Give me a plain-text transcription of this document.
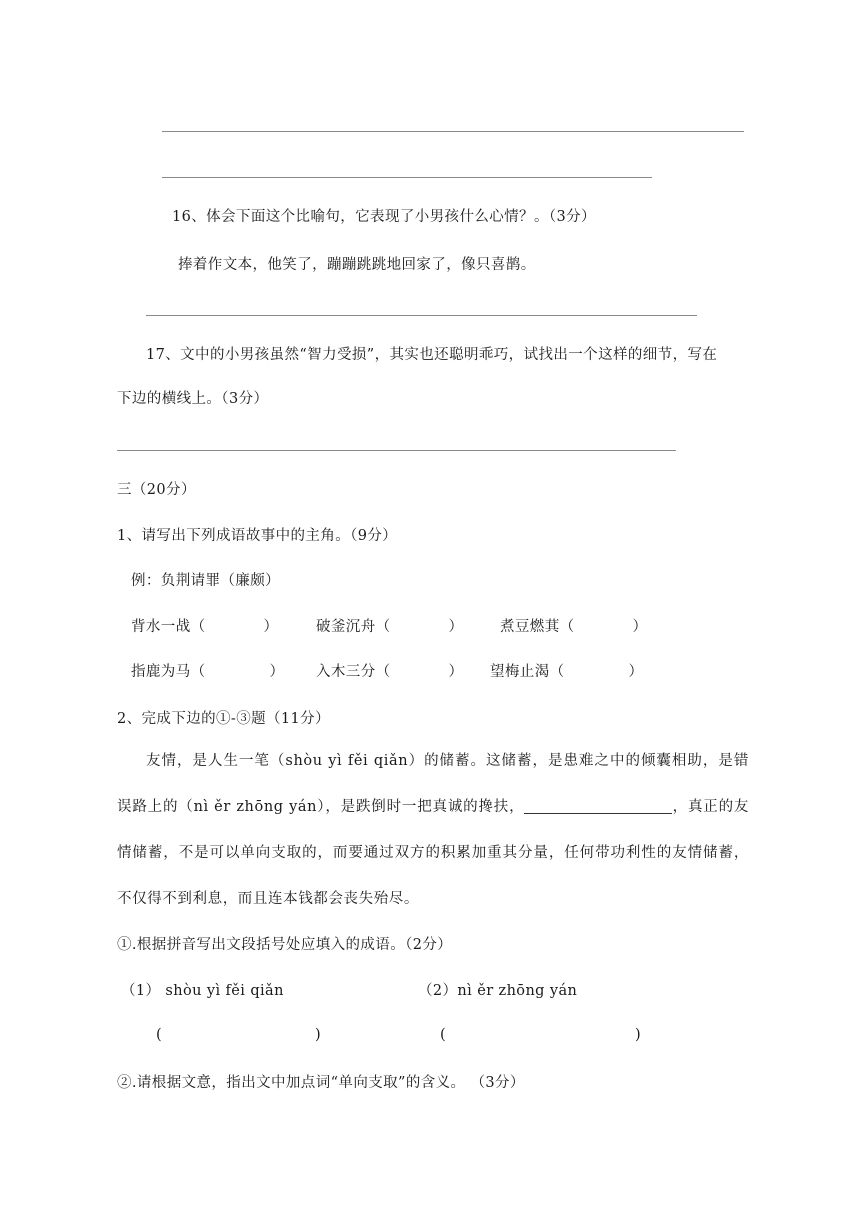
16、体会下面这个比喻句，它表现了小男孩什么心情？。（3分）
捧着作文本，他笑了，蹦蹦跳跳地回家了，像只喜鹊。
17、文中的小男孩虽然“智力受损”，其实也还聪明乖巧，试找出一个这样的细节，写在
下边的横线上。（3分）
三（20分）
1、请写出下列成语故事中的主角。（9分）
例：负荆请罪（廉颇）
背水一战（	）	破釜沉舟（	）	煮豆燃萁（	）
指鹿为马（	） 入木三分（	） 望梅止渴（	）
2、完成下边的①-③题（11分）
友情，是人生一笔（shòu yì fěi qiǎn）的储蓄。这储蓄，是患难之中的倾囊相助，是错误路上的（nì ěr zhōng yán），是跌倒时一把真诚的搀扶，	，真正的友情储蓄，不是可以单向支取的，而要通过双方的积累加重其分量，任何带功利性的友情储蓄，不仅得不到利息，而且连本钱都会丧失殆尽。
①.根据拼音写出文段括号处应填入的成语。（2分）
（1） shòu yì fěi qiǎn	（2）nì ěr zhōng yán
(	)	(	)
②.请根据文意，指出文中加点词“单向支取”的含义。 （3分）
